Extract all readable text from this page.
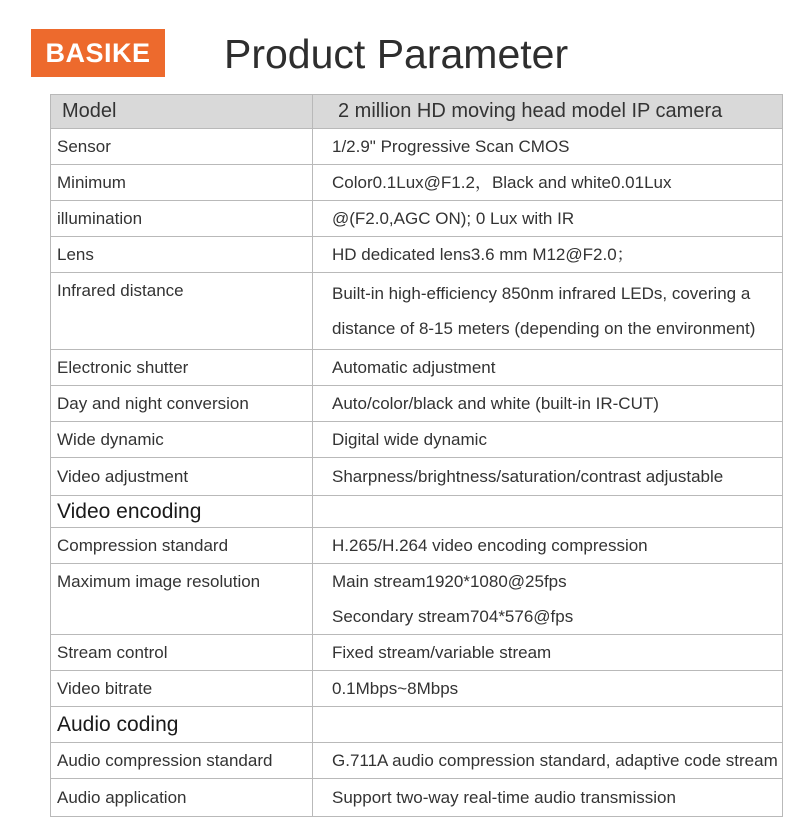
BASIKE	Product Parameter
Model	2 million HD moving head model IP camera
Sensor	1/2.9" Progressive Scan CMOS

Minimum	Color0.1Lux@F1.2，Black and white0.01Lux

illumination	@(F2.0,AGC ON); 0 Lux with IR

Lens	HD dedicated lens3.6 mm M12@F2.0；

Infrared distance	Built-in high-efficiency 850nm infrared LEDs, covering a
distance of 8-15 meters (depending on the environment)

Electronic shutter	Automatic adjustment

Day and night conversion	Auto/color/black and white (built-in IR-CUT)

Wide dynamic	Digital wide dynamic

Video adjustment	Sharpness/brightness/saturation/contrast adjustable

Video encoding	
Compression standard	H.265/H.264 video encoding compression

Maximum image resolution	Main stream1920*1080@25fps
Secondary stream704*576@fps

Stream control	Fixed stream/variable stream

Video bitrate	0.1Mbps~8Mbps

Audio coding	
Audio compression standard	G.711A audio compression standard, adaptive code stream

Audio application	Support two-way real-time audio transmission
